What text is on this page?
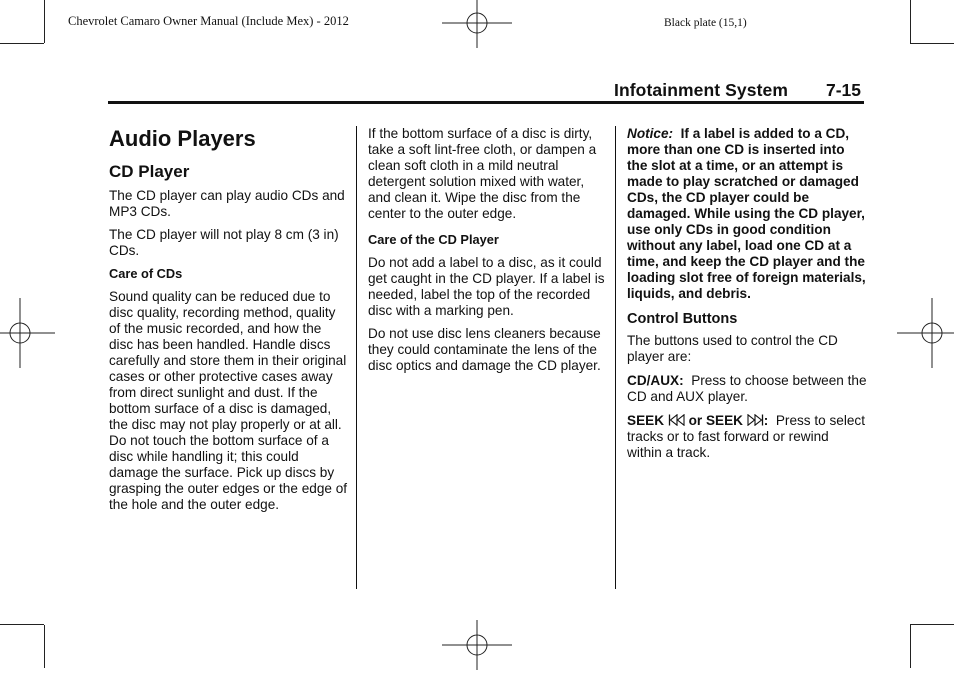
Chevrolet Camaro Owner Manual (Include Mex) - 2012	Black plate (15,1)
Infotainment System 7-15
Audio Players
CD Player

The CD player can play audio CDs and MP3 CDs.

The CD player will not play 8 cm (3 in) CDs.

Care of CDs

Sound quality can be reduced due to disc quality, recording method, quality of the music recorded, and how the disc has been handled. Handle discs carefully and store them in their original cases or other protective cases away from direct sunlight and dust. If the bottom surface of a disc is damaged, the disc may not play properly or at all. Do not touch the bottom surface of a disc while handling it; this could damage the surface. Pick up discs by grasping the outer edges or the edge of the hole and the outer edge.

If the bottom surface of a disc is dirty, take a soft lint-free cloth, or dampen a clean soft cloth in a mild neutral detergent solution mixed with water, and clean it. Wipe the disc from the center to the outer edge.

Care of the CD Player

Do not add a label to a disc, as it could get caught in the CD player. If a label is needed, label the top of the recorded disc with a marking pen.

Do not use disc lens cleaners because they could contaminate the lens of the disc optics and damage the CD player.

Notice: If a label is added to a CD, more than one CD is inserted into the slot at a time, or an attempt is made to play scratched or damaged CDs, the CD player could be damaged. While using the CD player, use only CDs in good condition without any label, load one CD at a time, and keep the CD player and the loading slot free of foreign materials, liquids, and debris.

Control Buttons

The buttons used to control the CD player are:

CD/AUX: Press to choose between the CD and AUX player.

SEEK or SEEK : Press to select tracks or to fast forward or rewind within a track.
